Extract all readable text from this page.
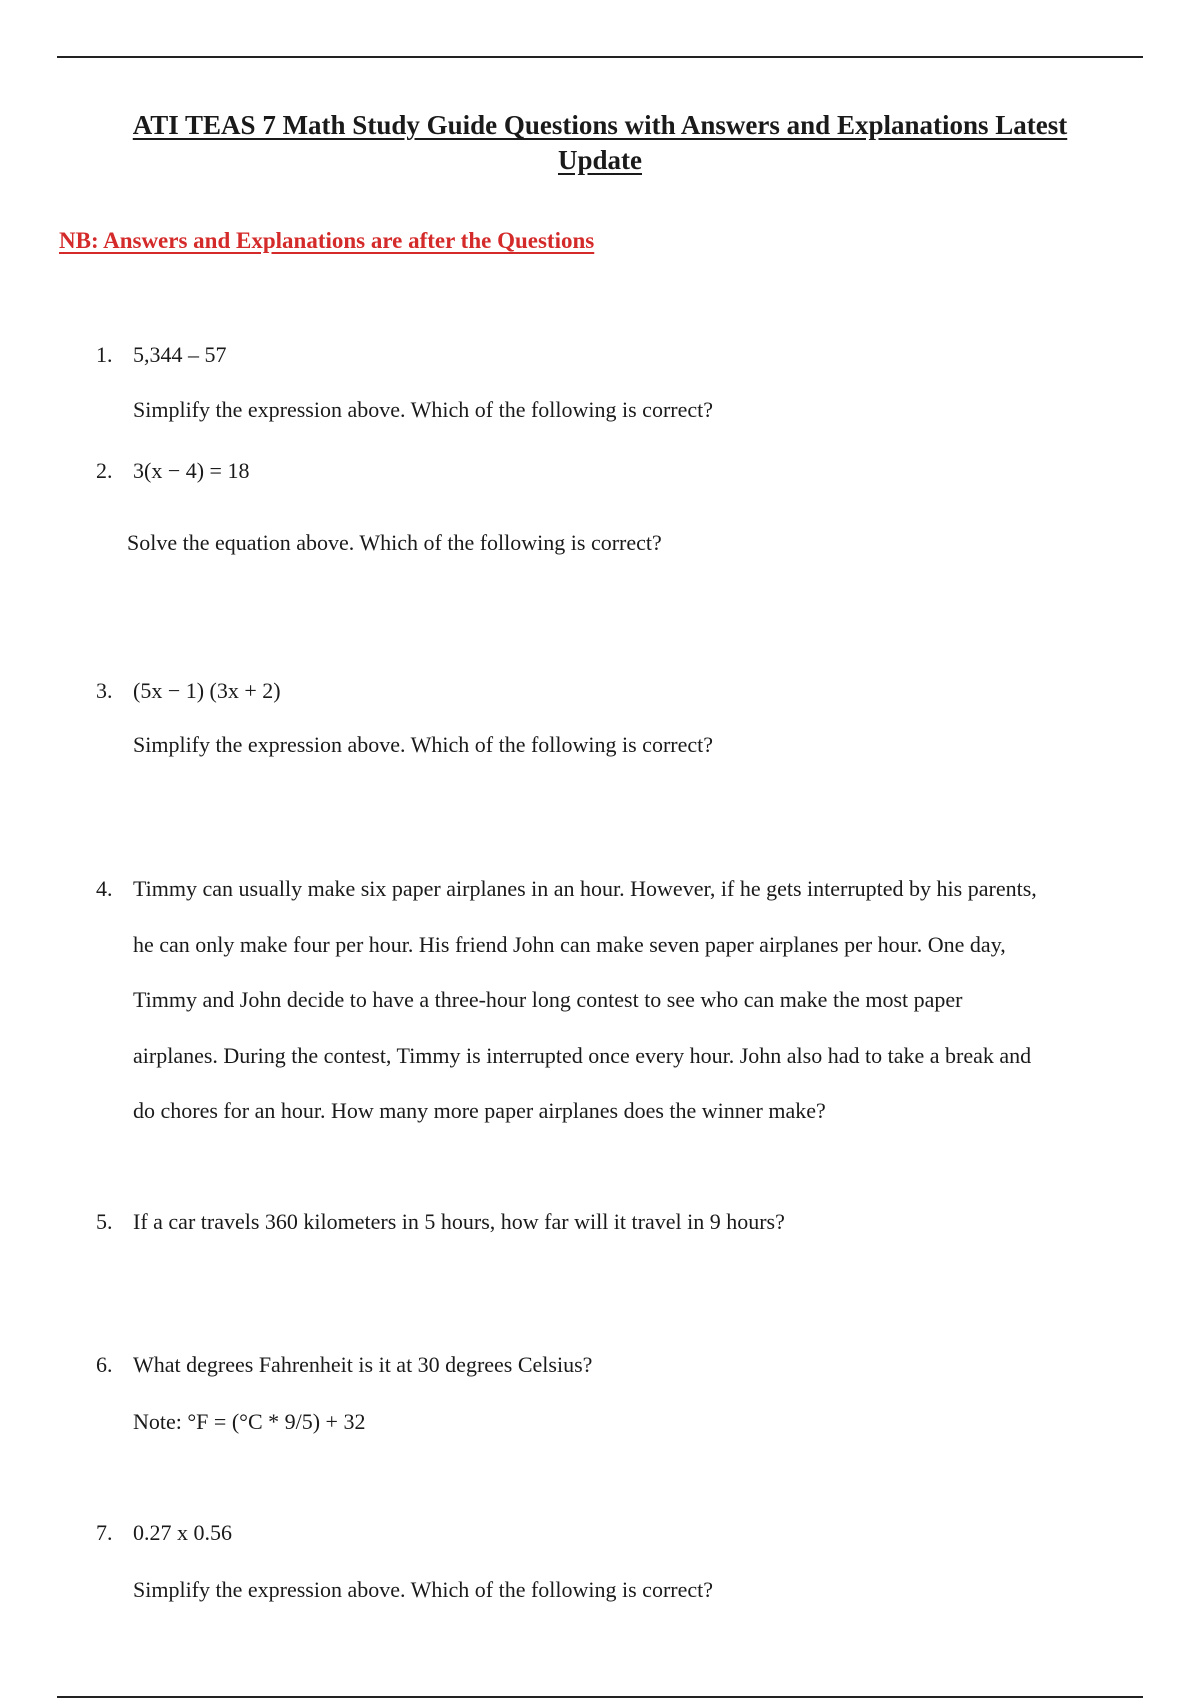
ATI TEAS 7 Math Study Guide Questions with Answers and Explanations Latest
Update

NB: Answers and Explanations are after the Questions

1. 5,344 – 57
Simplify the expression above. Which of the following is correct?
2. 3(x − 4) = 18
Solve the equation above. Which of the following is correct?
3. (5x − 1) (3x + 2)
Simplify the expression above. Which of the following is correct?
4. Timmy can usually make six paper airplanes in an hour. However, if he gets interrupted by his parents,
he can only make four per hour. His friend John can make seven paper airplanes per hour. One day,
Timmy and John decide to have a three-hour long contest to see who can make the most paper
airplanes. During the contest, Timmy is interrupted once every hour. John also had to take a break and
do chores for an hour. How many more paper airplanes does the winner make?
5. If a car travels 360 kilometers in 5 hours, how far will it travel in 9 hours?
6. What degrees Fahrenheit is it at 30 degrees Celsius?
Note: °F = (°C * 9/5) + 32
7. 0.27 x 0.56
Simplify the expression above. Which of the following is correct?
